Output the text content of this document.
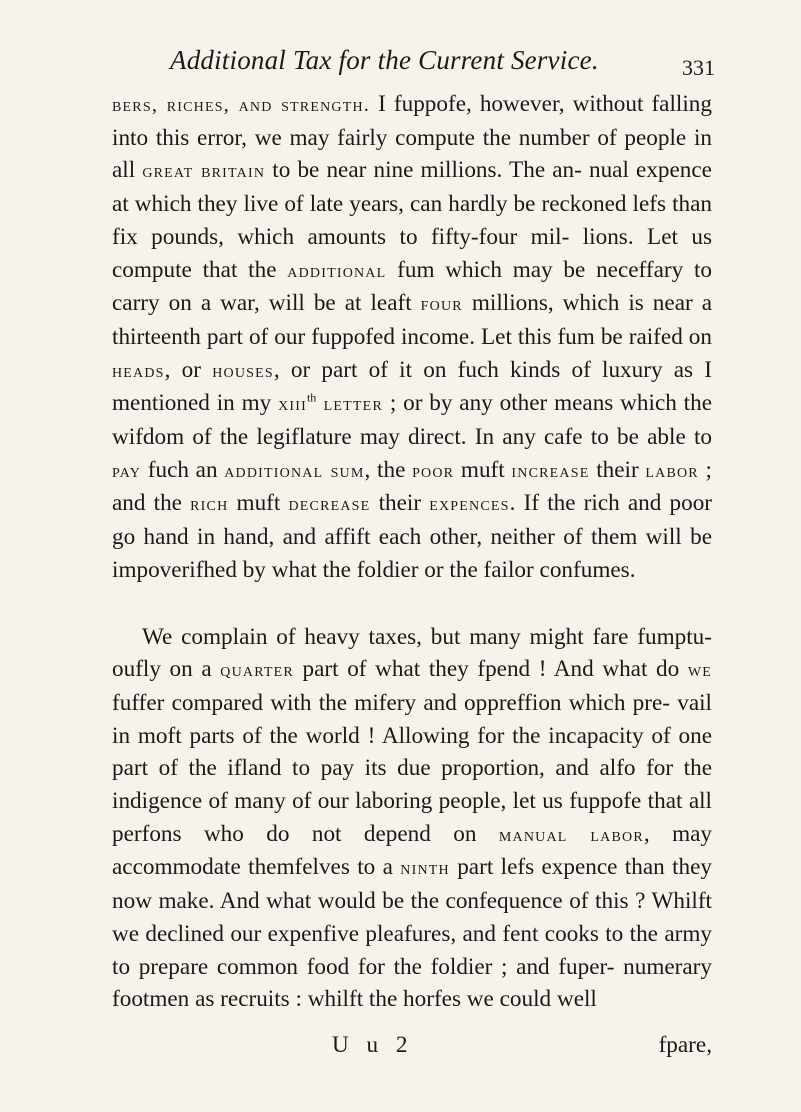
Additional Tax for the Current Service.	331

bers, riches, and strength. I fuppofe, however, without falling into this error, we may fairly compute the number of people in all great britain to be near nine millions. The an- nual expence at which they live of late years, can hardly be reckoned lefs than fix pounds, which amounts to fifty-four mil- lions. Let us compute that the additional fum which may be neceffary to carry on a war, will be at leaft four millions, which is near a thirteenth part of our fuppofed income. Let this fum be raifed on heads, or houses, or part of it on fuch kinds of luxury as I mentioned in my xiii$^{th}$ letter ; or by any other means which the wifdom of the legiflature may direct. In any cafe to be able to pay fuch an additional sum, the poor muft increase their labor ; and the rich muft decrease their expences. If the rich and poor go hand in hand, and affift each other, neither of them will be impoverifhed by what the foldier or the failor confumes.

We complain of heavy taxes, but many might fare fumptu- oufly on a quarter part of what they fpend ! And what do we fuffer compared with the mifery and oppreffion which pre- vail in moft parts of the world ! Allowing for the incapacity of one part of the ifland to pay its due proportion, and alfo for the indigence of many of our laboring people, let us fuppofe that all perfons who do not depend on manual labor, may accommodate themfelves to a ninth part lefs expence than they now make. And what would be the confequence of this ? Whilft we declined our expenfive pleafures, and fent cooks to the army to prepare common food for the foldier ; and fuper- numerary footmen as recruits : whilft the horfes we could well

U u 2	fpare,
